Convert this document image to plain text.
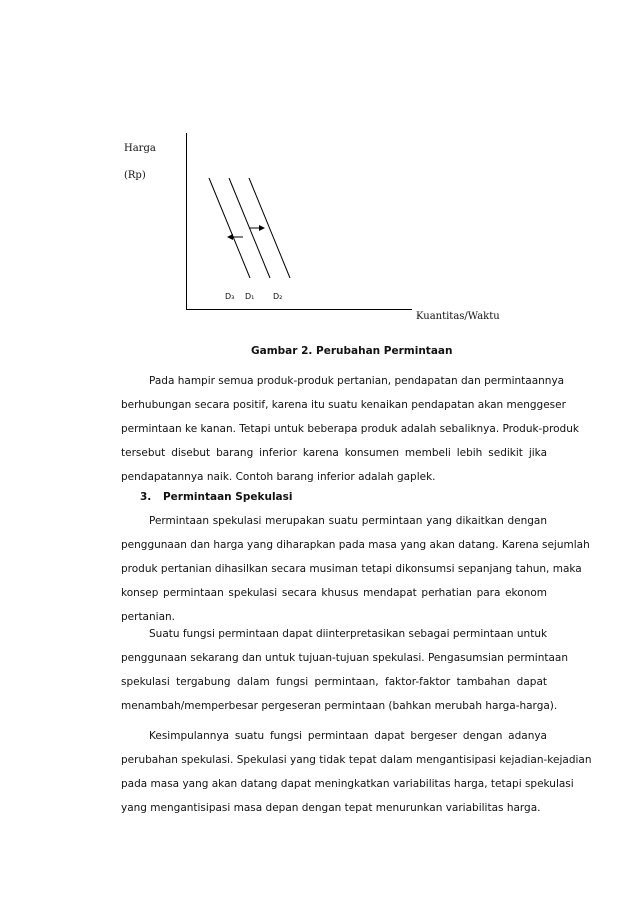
Harga
(Rp)
D₃ D₁ D₂
Kuantitas/Waktu
Gambar 2. Perubahan Permintaan
Pada hampir semua produk-produk pertanian, pendapatan dan permintaannya
berhubungan secara positif, karena itu suatu kenaikan pendapatan akan menggeser
permintaan ke kanan. Tetapi untuk beberapa produk adalah sebaliknya. Produk-produk
tersebut disebut barang inferior karena konsumen membeli lebih sedikit jika
pendapatannya naik. Contoh barang inferior adalah gaplek.
3. Permintaan Spekulasi
Permintaan spekulasi merupakan suatu permintaan yang dikaitkan dengan
penggunaan dan harga yang diharapkan pada masa yang akan datang. Karena sejumlah
produk pertanian dihasilkan secara musiman tetapi dikonsumsi sepanjang tahun, maka
konsep permintaan spekulasi secara khusus mendapat perhatian para ekonom
pertanian.
Suatu fungsi permintaan dapat diinterpretasikan sebagai permintaan untuk
penggunaan sekarang dan untuk tujuan-tujuan spekulasi. Pengasumsian permintaan
spekulasi tergabung dalam fungsi permintaan, faktor-faktor tambahan dapat
menambah/memperbesar pergeseran permintaan (bahkan merubah harga-harga).
Kesimpulannya suatu fungsi permintaan dapat bergeser dengan adanya
perubahan spekulasi. Spekulasi yang tidak tepat dalam mengantisipasi kejadian-kejadian
pada masa yang akan datang dapat meningkatkan variabilitas harga, tetapi spekulasi
yang mengantisipasi masa depan dengan tepat menurunkan variabilitas harga.
